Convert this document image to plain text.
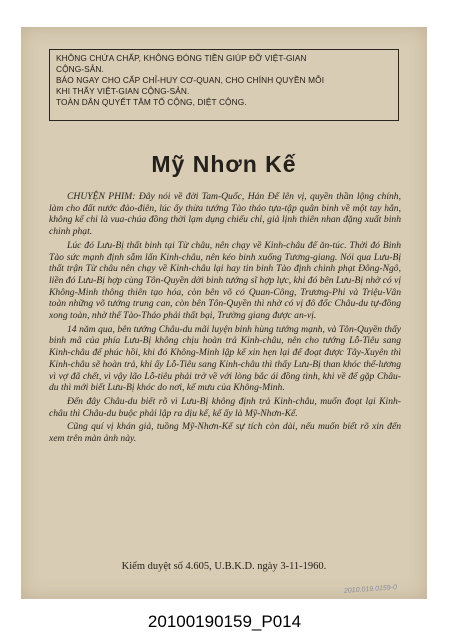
KHÔNG CHỨA CHẤP, KHÔNG ĐÓNG TIỀN GIÚP ĐỠ VIỆT-GIAN
CỘNG-SẢN.
BÁO NGAY CHO CẤP CHỈ-HUY CƠ-QUAN, CHO CHÍNH QUYỀN MỖI
KHI THẤY VIỆT-GIAN CỘNG-SẢN.
TOÀN DÂN QUYẾT TÂM TỐ CỘNG, DIỆT CỘNG.
Mỹ Nhơn Kế

CHUYỆN PHIM: Đây nói về đời Tam-Quốc, Hán Đế lên vị, quyền thần lộng chính, làm cho đất nước đảo-điên, lúc ấy thừa tướng Tào tháo tựa-tập quân binh về một tay hắn, không kể chi là vua-chúa đồng thời lạm dụng chiếu chỉ, giả lịnh thiên nhan đặng xuất binh chinh phạt.

Lúc đó Lưu-Bị thất binh tại Từ châu, nên chạy về Kinh-châu để ăn-túc. Thời đó Binh Tào sức mạnh định sẵm lấn Kinh-châu, nên kéo binh xuống Tương-giang. Nói qua Lưu-Bị thất trận Từ châu nên chạy về Kinh-châu lại hay tin binh Tào định chinh phạt Đông-Ngô, liền đó Lưu-Bị hợp cùng Tôn-Quyền dời binh tướng sĩ hợp lực, khi đó bên Lưu-Bị nhờ có vị Không-Minh thông thiên tạo hóa, còn bên võ có Quan-Công, Trương-Phi và Triệu-Vân toàn những võ tướng trung can, còn bên Tôn-Quyền thì nhờ có vị đô đốc Châu-du tự-đồng xong toàn, nhờ thế Tào-Tháo phải thất bại, Trường giang được an-vị.

14 năm qua, bên tướng Châu-du mãi luyện binh hùng tướng mạnh, và Tôn-Quyền thấy binh mã của phía Lưu-Bị không chịu hoàn trả Kinh-châu, nên cho tướng Lỗ-Tiêu sang Kinh-châu để phúc hồi, khi đó Không-Minh lập kế xin hẹn lại để đoạt được Tây-Xuyên thì Kinh-châu sẽ hoàn trả, khi ấy Lỗ-Tiêu sang Kinh-châu thì thấy Lưu-Bị than khóc thể-lương vì vợ đã chết, vì vậy lão Lỗ-tiêu phải trở về với lòng bắc ái đồng tình, khi về để gặp Châu-du thì mới biết Lưu-Bị khóc do nơi, kế mưu của Không-Minh.

Đến đây Châu-du biết rõ vì Lưu-Bị không định trả Kinh-châu, muốn đoạt lại Kinh-châu thì Châu-du buộc phải lập ra dịu kế, kế ấy là Mỹ-Nhơn-Kế.

Cũng quí vị khán giả, tuồng Mỹ-Nhơn-Kế sự tích còn dài, nếu muốn biết rõ xin đến xem trên màn ảnh này.

Kiểm duyệt số 4.605, U.B.K.D. ngày 3-11-1960.
2010.019.0159-0
20100190159_P014
